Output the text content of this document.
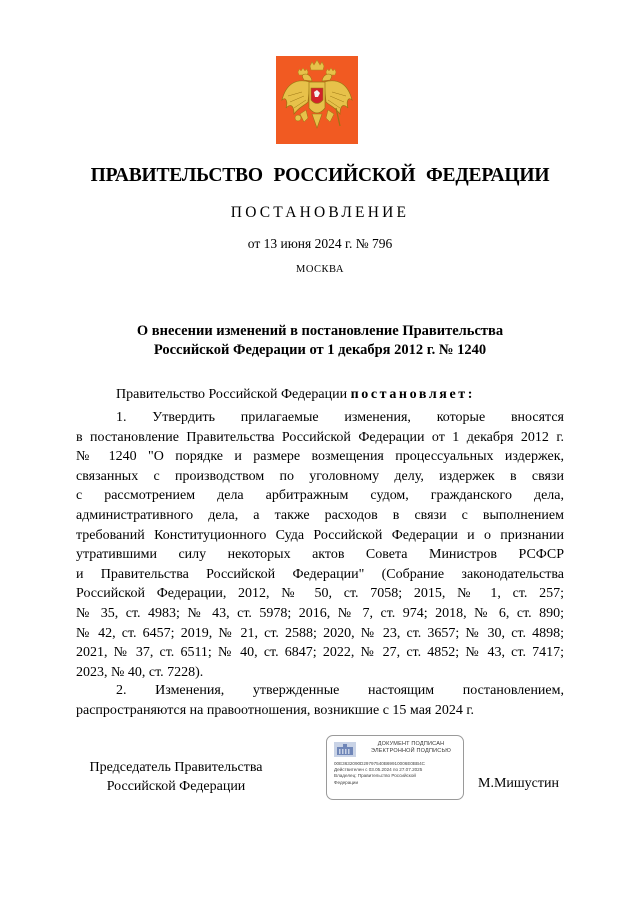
ПРАВИТЕЛЬСТВО РОССИЙСКОЙ ФЕДЕРАЦИИ
ПОСТАНОВЛЕНИЕ
от 13 июня 2024 г. № 796
МОСКВА
О внесении изменений в постановление Правительства
Российской Федерации от 1 декабря 2012 г. № 1240
Правительство Российской Федерации постановляет:
1. Утвердить прилагаемые изменения, которые вносятся
в постановление Правительства Российской Федерации от 1 декабря 2012 г.
№ 1240 "О порядке и размере возмещения процессуальных издержек,
связанных с производством по уголовному делу, издержек в связи
с рассмотрением дела арбитражным судом, гражданского дела,
административного дела, а также расходов в связи с выполнением
требований Конституционного Суда Российской Федерации и о признании
утратившими силу некоторых актов Совета Министров РСФСР
и Правительства Российской Федерации" (Собрание законодательства
Российской Федерации, 2012, № 50, ст. 7058; 2015, № 1, ст. 257;
№ 35, ст. 4983; № 43, ст. 5978; 2016, № 7, ст. 974; 2018, № 6, ст. 890;
№ 42, ст. 6457; 2019, № 21, ст. 2588; 2020, № 23, ст. 3657; № 30, ст. 4898;
2021, № 37, ст. 6511; № 40, ст. 6847; 2022, № 27, ст. 4852; № 43, ст. 7417;
2023, № 40, ст. 7228).
2. Изменения, утвержденные настоящим постановлением,
распространяются на правоотношения, возникшие с 15 мая 2024 г.
Председатель Правительства
Российской Федерации
ДОКУМЕНТ ПОДПИСАН
ЭЛЕКТРОННОЙ ПОДПИСЬЮ
00E3632090D29797540B69910006E0BB4C
Действителен с 03.05.2024 по 27.07.2025
Владелец: Правительство Российской
Федерации	М.Мишустин
